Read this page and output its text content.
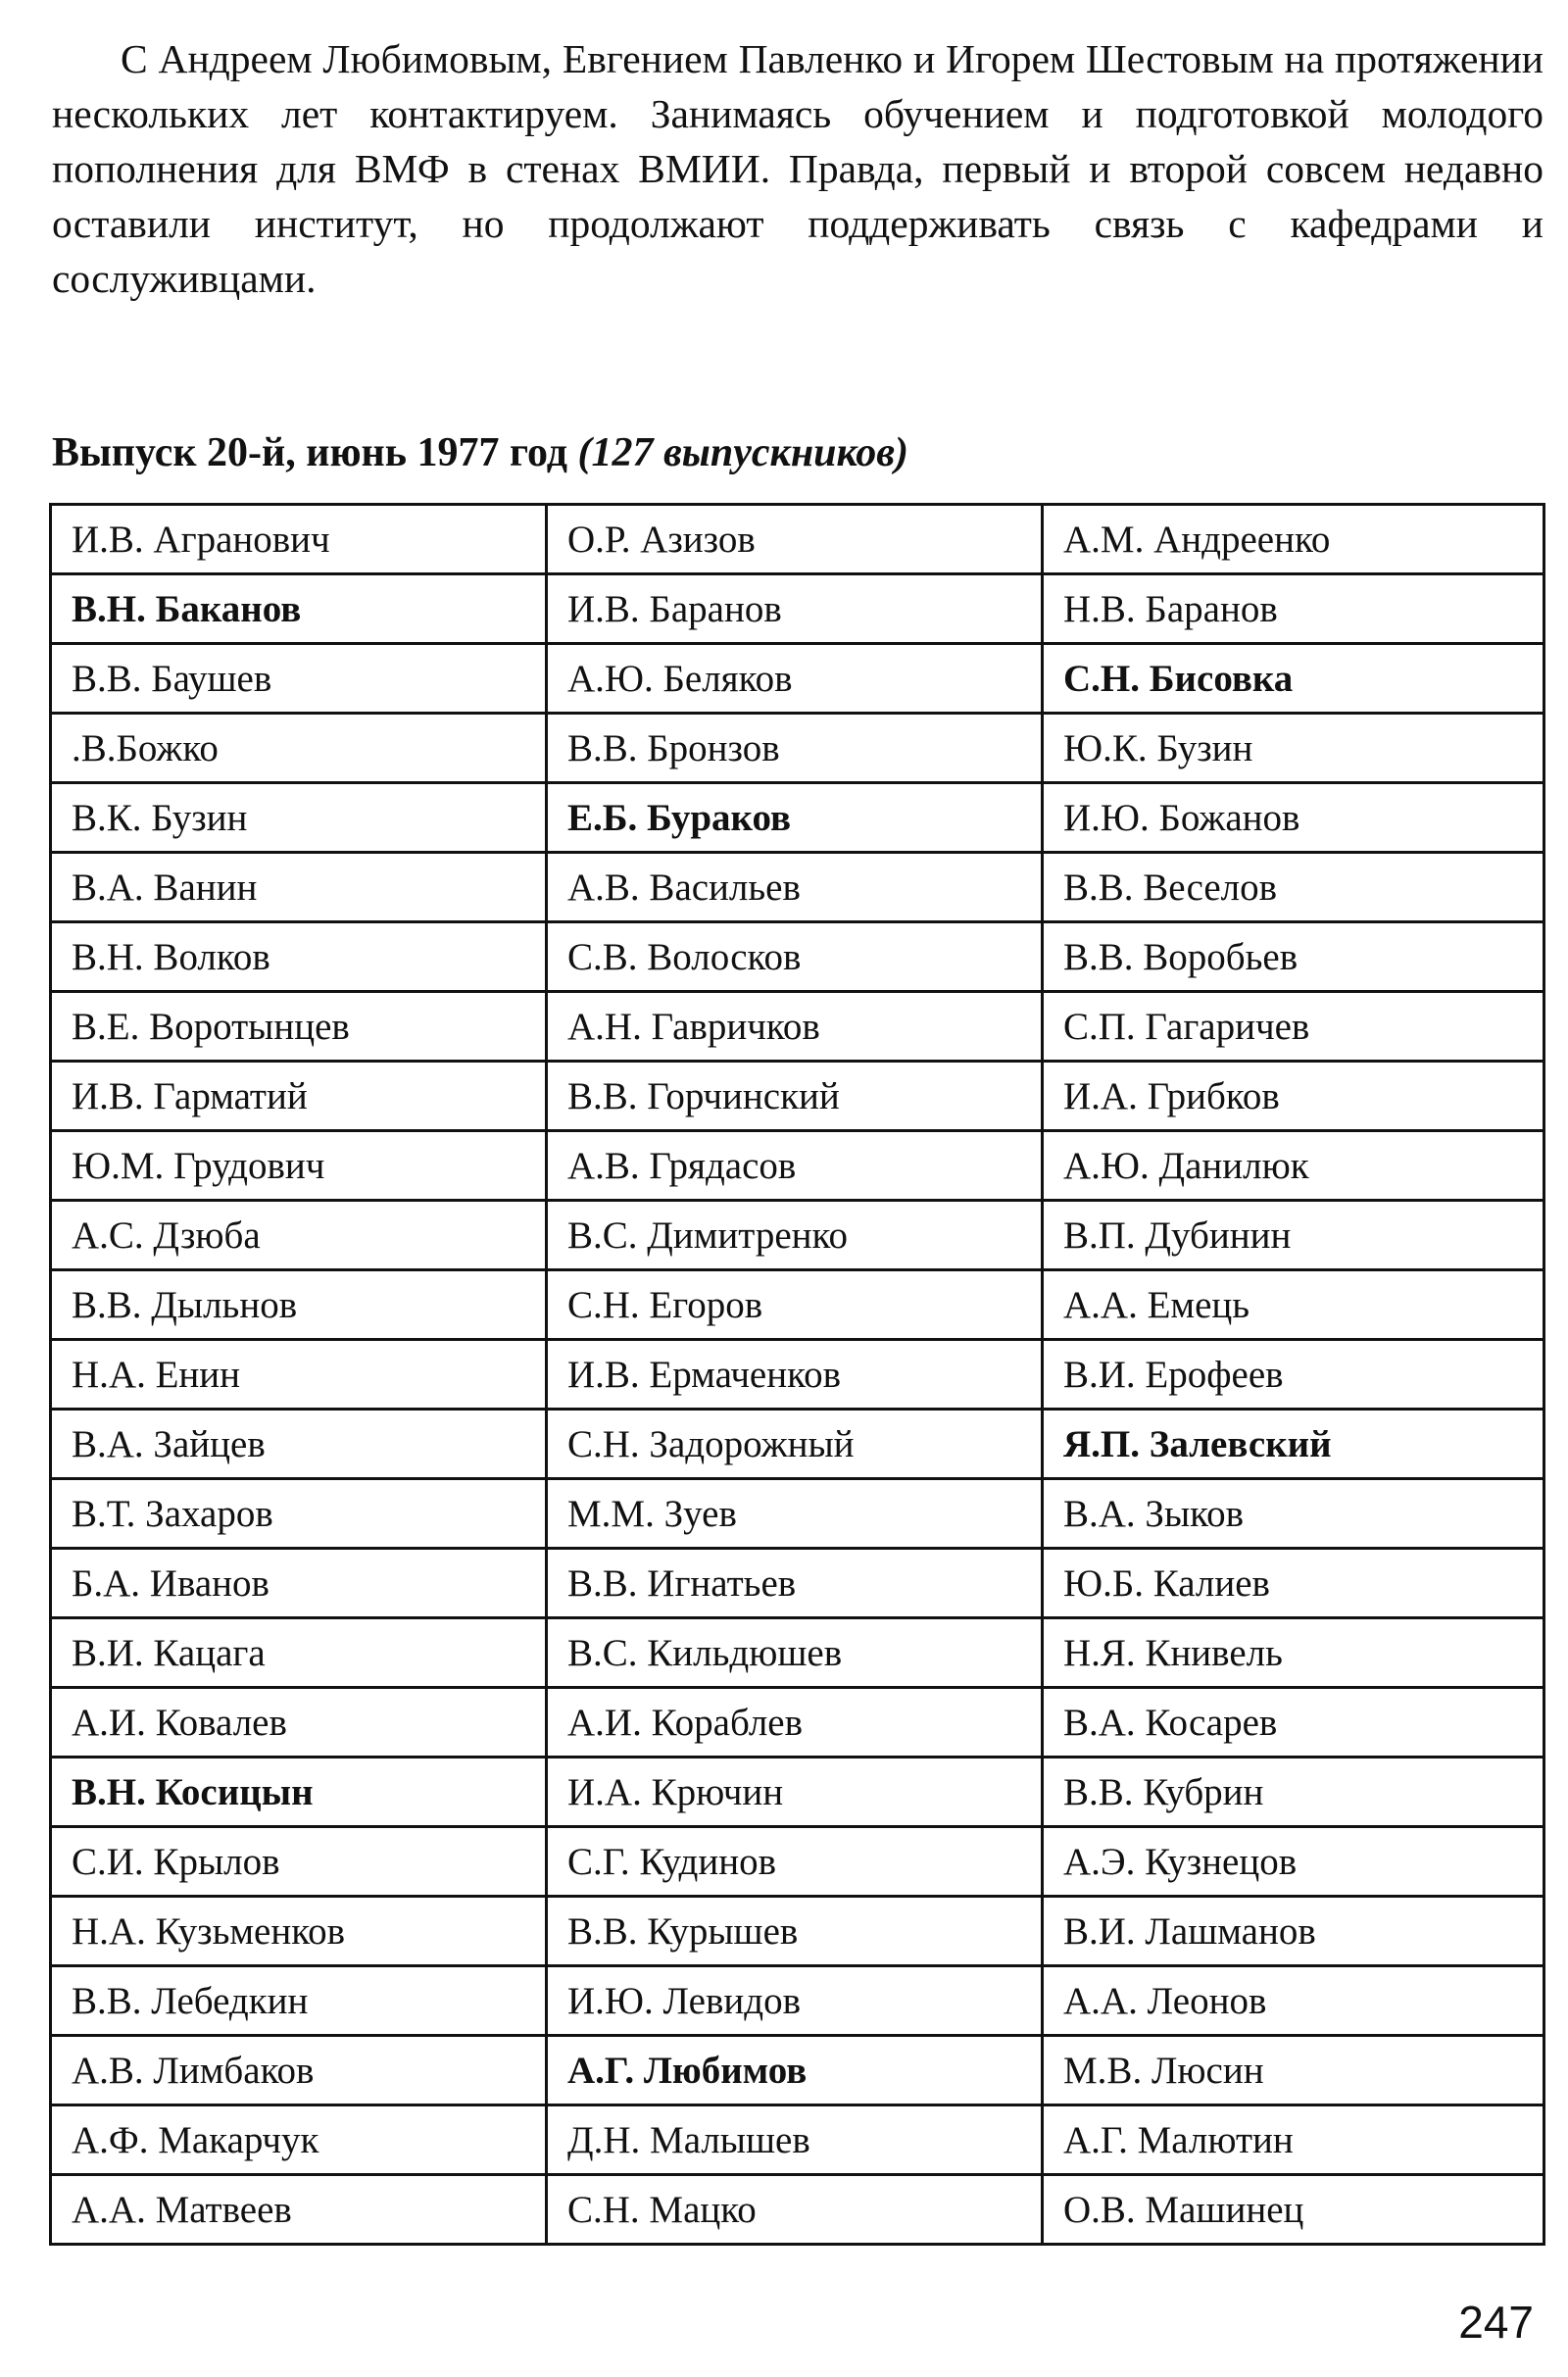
С Андреем Любимовым, Евгением Павленко и Игорем Шестовым на протяжении нескольких лет контактируем. Занимаясь обучением и подготовкой молодого пополнения для ВМФ в стенах ВМИИ. Правда, первый и второй совсем недавно оставили институт, но продолжают поддерживать связь с кафедрами и сослуживцами.

Выпуск 20-й, июнь 1977 год (127 выпускников)
И.В. Агранович	О.Р. Азизов	А.М. Андреенко
В.Н. Баканов	И.В. Баранов	Н.В. Баранов
В.В. Баушев	А.Ю. Беляков	С.Н. Бисовка
.В.Божко	В.В. Бронзов	Ю.К. Бузин
В.К. Бузин	Е.Б. Бураков	И.Ю. Божанов
В.А. Ванин	А.В. Васильев	В.В. Веселов
В.Н. Волков	С.В. Волосков	В.В. Воробьев
В.Е. Воротынцев	А.Н. Гавричков	С.П. Гагаричев
И.В. Гарматий	В.В. Горчинский	И.А. Грибков
Ю.М. Грудович	А.В. Грядасов	А.Ю. Данилюк
А.С. Дзюба	В.С. Димитренко	В.П. Дубинин
В.В. Дыльнов	С.Н. Егоров	А.А. Емець
Н.А. Енин	И.В. Ермаченков	В.И. Ерофеев
В.А. Зайцев	С.Н. Задорожный	Я.П. Залевский
В.Т. Захаров	М.М. Зуев	В.А. Зыков
Б.А. Иванов	В.В. Игнатьев	Ю.Б. Калиев
В.И. Кацага	В.С. Кильдюшев	Н.Я. Книвель
А.И. Ковалев	А.И. Кораблев	В.А. Косарев
В.Н. Косицын	И.А. Крючин	В.В. Кубрин
С.И. Крылов	С.Г. Кудинов	А.Э. Кузнецов
Н.А. Кузьменков	В.В. Курышев	В.И. Лашманов
В.В. Лебедкин	И.Ю. Левидов	А.А. Леонов
А.В. Лимбаков	А.Г. Любимов	М.В. Люсин
А.Ф. Макарчук	Д.Н. Малышев	А.Г. Малютин
А.А. Матвеев	С.Н. Мацко	О.В. Машинец

247
